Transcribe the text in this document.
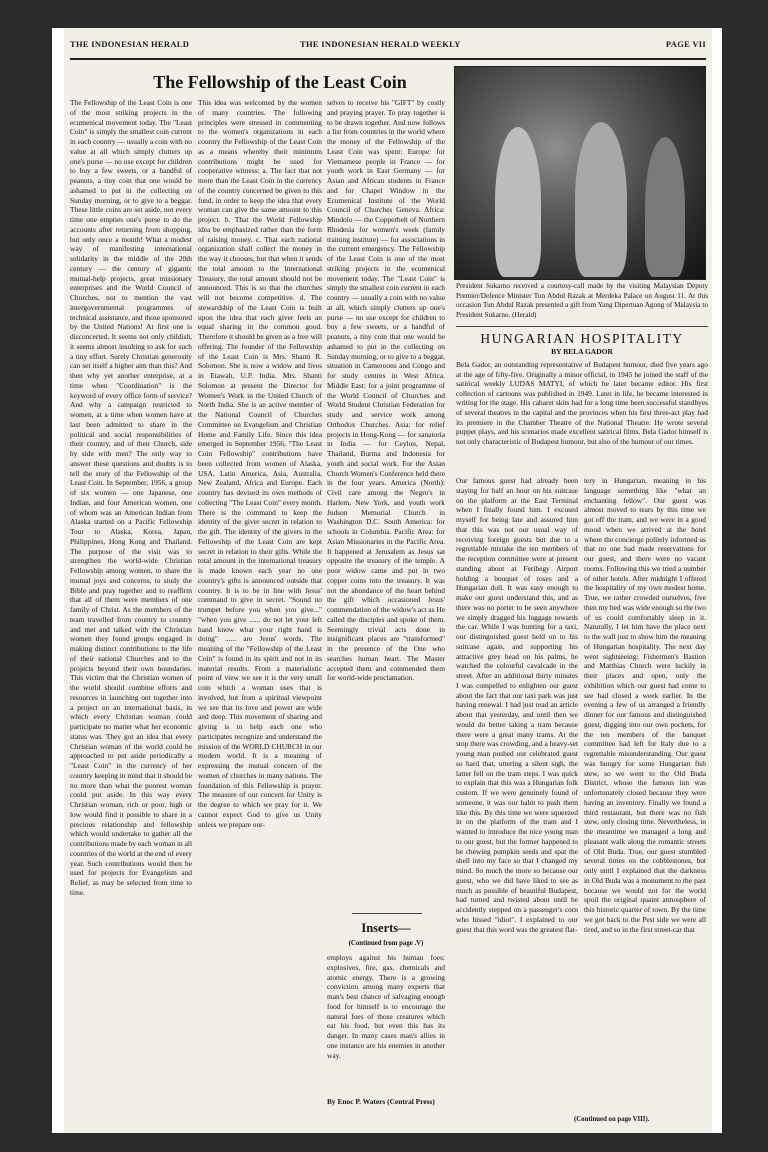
THE INDONESIAN HERALD	THE INDONESIAN HERALD WEEKLY	PAGE VII
The Fellowship of the Least Coin

The Fellowship of the Least Coin is one of the most striking projects in the ecumenical movement today. The "Least Coin" is simply the smallest coin current in each country — usually a coin with no value at all which simply clutters up one's purse — no use except for children to buy a few sweets, or a handful of peanuts, a tiny coin that one would be ashamed to put in the collecting on Sunday morning, or to give to a beggar. These little coins are set aside, not every time one empties one's purse to do the accounts after returning from shopping, but only once a month! What a modest way of manifesting international solidarity in the middle of the 20th century — the century of gigantic mutual-help projects, great missionary enterprises and the World Council of Churches, not to mention the vast intergovernmental programmes of technical assistance, and those sponsored by the United Nations! At first one is disconcerted. It seems not only childish, it seems almost insulting to ask for such a tiny effort. Surely Christian generosity can set itself a higher aim than this? And then why yet another enterprise, at a time when "Coordination" is the keyword of every office form of service? And why a campaign restricted to women, at a time when women have at last been admitted to share in the political and social responsibilities of their country, and of their Church, side by side with men? The only way to answer these questions and doubts is to tell the story of the Fellowship of the Least Coin. In September, 1956, a group of six women — one Japanese, one Indian, and four American women, one of whom was an American Indian from Alaska started on a Pacific Fellowship Tour to Alaska, Korea, Japan, Philippines, Hong Kong and Thailand. The purpose of the visit was to strengthen the world-wide Christian Fellowship among women, to share the mutual joys and concerns, to study the Bible and pray together and to reaffirm that all of them were members of one family of Christ. As the members of the team travelled from country to country and met and talked with the Christian women they found groups engaged in making distinct contributions to the life of their national Churches and to the projects beyond their own boundaries. This victim that the Christian women of the world should combine efforts and resources in launching out together into a project on an international basis, in which every Christian woman could participate no matter what her economic status was. They got an idea that every Christian woman of the world could be approached to put aside periodically a "Least Coin" in the currency of her country keeping in mind that it should be no more than what the poorest woman could put aside. In this way every Christian woman, rich or poor, high or low would find it possible to share in a precious relationship and fellowship which would undertake to gather all the contributions made by each woman in all countries of the world at the end of every year. Such contributions would then be used for projects for Evangelism and Relief, as may be selected from time to time.

This idea was welcomed by the women of many countries. The following principles were stressed in commenting to the women's organizations in each country the Fellowship of the Least Coin as a means whereby their minimum contributions might be used for cooperative witness: a. The fact that not more than the Least Coin in the currency of the country concerned be given to this fund, in order to keep the idea that every woman can give the same amount to this project. b. That the World Fellowship idea be emphasized rather than the form of raising money. c. That each national organization shall collect the money in the way it chooses, but that when it sends the total amount to the International Treasury, the total amount should not be announced. This is so that the churches will not become competitive. d. The stewardship of the Least Coin is built upon the idea that each giver feels an equal sharing in the common good. Therefore it should be given as a free will offering. The founder of the Fellowship of the Least Coin is Mrs. Shanti R. Solomon. She is now a widow and lives in Etawah, U.P. India. Mrs. Shanti Solomon at present the Director for Women's Work in the United Church of North India. She is an active member of the National Council of Churches Committee on Evangelism and Christian Home and Family Life. Since this idea emerged in September 1956, "The Least Coin Fellowship" contributions have been collected from women of Alaska, USA, Latin America, Asia, Australia, New Zealand, Africa and Europe. Each country has devised its own methods of collecting "The Least Coin" every month. There is the command to keep the identity of the giver secret in relation to the gift. The identity of the givers in the Fellowship of the Least Coin are kept secret in relation to their gifts. While the total amount in the international treasury is made known each year no one country's gifts is announced outside that country. It is to be in line with Jesus' command to give in secret. "Sound no trumpet before you when you give..." "when you give ...... do not let your left hand know what your right hand is doing" ...... are Jesus' words. The meaning of the "Fellowship of the Least Coin" is found in its spirit and not in its material results. From a materialistic point of view we see it is the very small coin which a woman uses that is involved, but from a spiritual viewpoint we see that its love and power are wide and deep. This movement of sharing and giving is to help each one who participates recognize and understand the mission of the WORLD CHURCH in our modern world. It is a meaning of expressing the mutual concern of the women of churches in many nations. The foundation of this Fellowship is prayer. The measure of our concern for Unity is the degree to which we pray for it. We cannot expect God to give us Unity unless we prepare our-

selves to receive his "GIFT" by costly and praying prayer. To pray together is to be drawn together. And now follows a list from countries in the world where the money of the Fellowship of the Least Coin was spent: Europe: for Vietnamese people in France — for youth work in East Germany — for Asian and African students in France and for Chapel Window in the Ecumenical Institute of the World Council of Churches Geneva. Africa: Mindolo — the Copperbelt of Northern Rhodesia for women's week (family training institute) — for associations in the current emergency. The Fellowship of the Least Coin is one of the most striking projects in the ecumenical movement today. The "Least Coin" is simply the smallest coin current in each country — usually a coin with no value at all, which simply clutters up one's purse — no use except for children to buy a few sweets, or a handful of peanuts, a tiny coin that one would be ashamed to put in the collecting on Sunday morning, or to give to a beggar, situation in Cameroons and Congo and for study centres in West Africa. Middle East: for a joint programme of the World Council of Churches and World Student Christian Federation for study and service work among Orthodox Churches. Asia: for relief projects in Hong-Kong — for sanatoria in India — for Ceylon, Nepal, Thailand, Burma and Indonesia for youth and social work. For the Asian Church Women's Conference held there in the four years. America (North): Civil care among the Negro's in Harlem, New York, and youth work Judson Memorial Church in Washington D.C. South America: for schools in Columbia. Pacific Area: for Asian Missionaries in the Pacific Area. It happened at Jerusalem as Jesus sat opposite the treasury of the temple. A poor widow came and put in two copper coins into the treasury. It was not the abundance of the heart behind the gift which occasioned Jesus' commendation of the widow's act as He called the disciples and spoke of them. Seemingly trivial acts done in insignificant places are "transformed" in the presence of the One who searches human heart. The Master accepted them and commended them for world-wide proclamation.

Inserts—
(Continued from page .V)

employs against his human foes: explosives, fire, gas, chemicals and atomic energy. There is a growing conviction among many experts that man's best chance of salvaging enough food for himself is to encourage the natural foes of those creatures which eat his food, but even this has its danger. In many cases man's allies in one instance are his enemies in another way.

By Enoc P. Waters (Central Press)

President Sukarno received a courtesy-call made by the visiting Malaysian Deputy Premier/Defence Minister Tun Abdul Razak at Merdeka Palace on August 11. At this occasion Tun Abdul Razak presented a gift from Yang Dipertuan Agong of Malaysia to President Sukarno. (Herald)
HUNGARIAN HOSPITALITY
BY BELA GADOR

Bela Gador, an outstanding representative of Budapest humour, died five years ago at the age of fifty-five. Originally a minor official, in 1945 he joined the staff of the satirical weekly LUDAS MATYI, of which he later became editor. His first collection of cartoons was published in 1949. Later in life, he became interested in writing for the stage. His cabaret skits had for a long time been successful standbyes of several theatres in the capital and the provinces when his first three-act play had its premiere in the Chamber Theatre of the National Theatre. He wrote several puppet plays, and his scenarios made excellent satirical films. Bela Gador himself is not only characteristic of Budapest humour, but also of the humour of our times.

Our famous guest had already been staying for half an hour on his suitcase on the platform at the East Terminal when I finally found him. I excused myself for being late and assured him that this was not our usual way of receiving foreign guests but due to a regrettable mistake the ten members of the reception committee were at present standing about at Ferihegy Airport holding a bouquet of roses and a Hungarian doll. It was easy enough to make our guest understand this, and as there was no porter to be seen anywhere we simply dragged his luggage towards the car. While I was hunting for a taxi, our distinguished guest held on to his suitcase again, and supporting his attractive grey head on his palms, he watched the colourful cavalcade in the street. After an additional thirty minutes I was compelled to enlighten our guest about the fact that our taxi park was just having renewal. I had just read an article about that yesterday, and until then we would do better taking a tram because there were a great many trams. At the stop there was crowding, and a heavy-set young man pushed our celebrated guest so hard that, uttering a silent sigh, the latter fell on the tram steps. I was quick to explain that this was a Hungarian folk custom. If we were genuinely found of someone, it was our habit to push them like this. By this time we were squeezed in on the platform of the tram and I wanted to introduce the nice young man to our guest, but the former happened to be chewing pumpkin seeds and spat the shell into my face so that I changed my mind. So much the more so because our guest, who we did have liked to see as much as possible of beautiful Budapest, had turned and twisted about until he accidently stepped on a passenger's corn who hissed "idiot". I explained to our guest that this word was the greatest flat-

tery in Hungarian, meaning in his language something like "what an enchanting fellow". Our guest was almost moved to tears by this time we got off the tram, and we were in a good mood when we arrived at the hotel where the concierge politely informed us that no one had made reservations for our guest, and there were no vacant rooms. Following this we tried a number of other hotels. After midnight I offered the hospitality of my own modest home. True, we rather crowded ourselves, five then my bed was wide enough so the two of us could comfortably sleep in it. Naturally, I let him have the place next to the wall just to show him the meaning of Hungarian hospitality. The next day went sightseeing: Fishermen's Bastion and Matthias Church were luckily in their places and open, only the exhibition which our guest had come to see had closed a week earlier. In the evening a few of us arranged a friendly dinner for our famous and distinguished guest, digging into our own pockets, for the ten members of the banquet committee had left for Italy due to a regrettable misunderstanding. Our guest was hungry for some Hungarian fish stew, so we went to the Old Buda District, whose the famous inn was unfortunately closed because they were having an inventory. Finally we found a third restaurant, but there was no fish stew, only closing time. Nevertheless, in the meantime we managed a long and pleasant walk along the romantic streets of Old Buda. True, our guest stumbled several times on the cobblestones, but only until I explained that the darkness in Old Buda was a monument to the past because we would not for the world spoil the original quaint atmosphere of this historic quarter of town. By the time we got back to the Pest side we were all tired, and so in the first street-car that

(Continued on page VIII).
